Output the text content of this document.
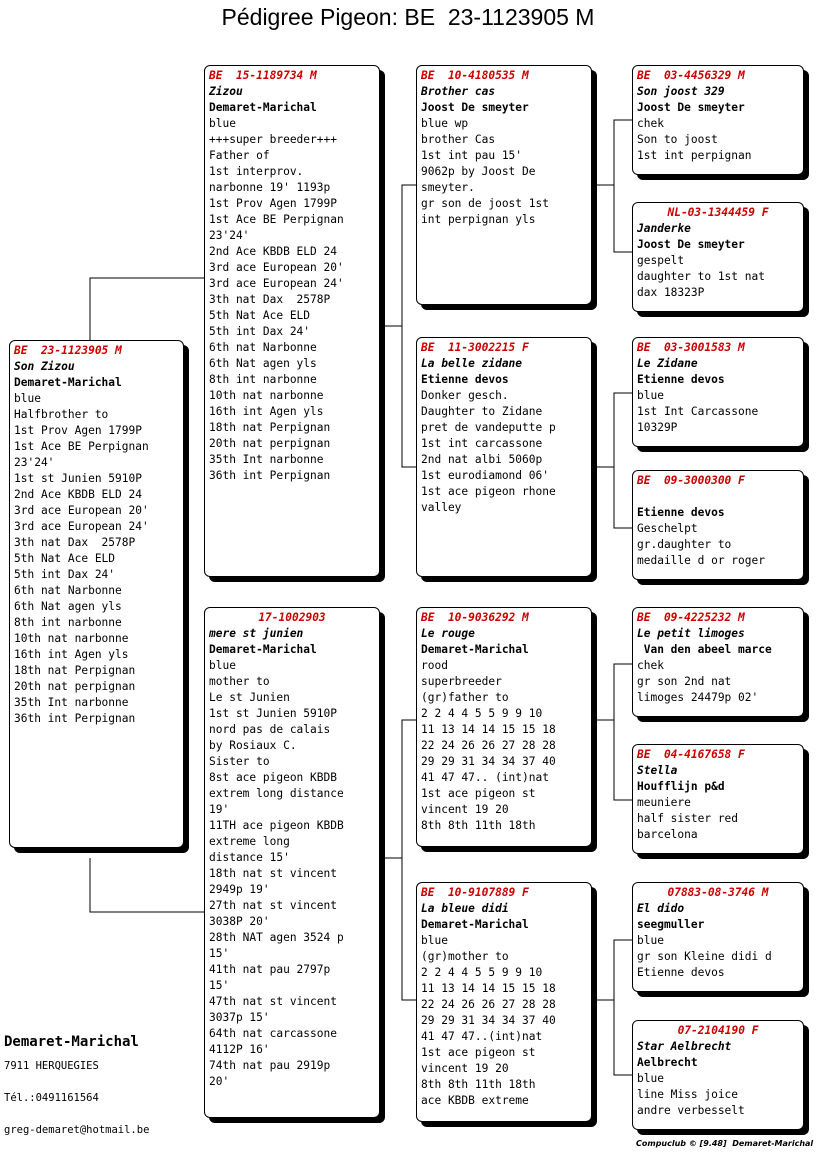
Pédigree Pigeon: BE  23-1123905 M
BE  23-1123905 M
Son Zizou
Demaret-Marichal
blue
Halfbrother to
1st Prov Agen 1799P
1st Ace BE Perpignan
23'24'
1st st Junien 5910P
2nd Ace KBDB ELD 24
3rd ace European 20'
3rd ace European 24'
3th nat Dax  2578P
5th Nat Ace ELD
5th int Dax 24'
6th nat Narbonne
6th Nat agen yls
8th int narbonne
10th nat narbonne
16th int Agen yls
18th nat Perpignan
20th nat perpignan
35th Int narbonne
36th int Perpignan
BE  15-1189734 M
Zizou
Demaret-Marichal
blue
+++super breeder+++
Father of
1st interprov.
narbonne 19' 1193p
1st Prov Agen 1799P
1st Ace BE Perpignan
23'24'
2nd Ace KBDB ELD 24
3rd ace European 20'
3rd ace European 24'
3th nat Dax  2578P
5th Nat Ace ELD
5th int Dax 24'
6th nat Narbonne
6th Nat agen yls
8th int narbonne
10th nat narbonne
16th int Agen yls
18th nat Perpignan
20th nat perpignan
35th Int narbonne
36th int Perpignan
17-1002903
mere st junien
Demaret-Marichal
blue
mother to
Le st Junien
1st st Junien 5910P
nord pas de calais
by Rosiaux C.
Sister to
8st ace pigeon KBDB
extrem long distance
19'
11TH ace pigeon KBDB
extreme long
distance 15'
18th nat st vincent
2949p 19'
27th nat st vincent
3038P 20'
28th NAT agen 3524 p
15'
41th nat pau 2797p
15'
47th nat st vincent
3037p 15'
64th nat carcassone
4112P 16'
74th nat pau 2919p
20'
BE  10-4180535 M
Brother cas
Joost De smeyter
blue wp
brother Cas
1st int pau 15'
9062p by Joost De
smeyter.
gr son de joost 1st
int perpignan yls
BE  11-3002215 F
La belle zidane
Etienne devos
Donker gesch.
Daughter to Zidane
pret de vandeputte p
1st int carcassone
2nd nat albi 5060p
1st eurodiamond 06'
1st ace pigeon rhone
valley
BE  10-9036292 M
Le rouge
Demaret-Marichal
rood
superbreeder
(gr)father to
2 2 4 4 5 5 9 9 10
11 13 14 14 15 15 18
22 24 26 26 27 28 28
29 29 31 34 34 37 40
41 47 47.. (int)nat
1st ace pigeon st
vincent 19 20
8th 8th 11th 18th
BE  10-9107889 F
La bleue didi
Demaret-Marichal
blue
(gr)mother to
2 2 4 4 5 5 9 9 10
11 13 14 14 15 15 18
22 24 26 26 27 28 28
29 29 31 34 34 37 40
41 47 47..(int)nat
1st ace pigeon st
vincent 19 20
8th 8th 11th 18th
ace KBDB extreme
BE  03-4456329 M
Son joost 329
Joost De smeyter
chek
Son to joost
1st int perpignan
NL-03-1344459 F
Janderke
Joost De smeyter
gespelt
daughter to 1st nat
dax 18323P
BE  03-3001583 M
Le Zidane
Etienne devos
blue
1st Int Carcassone
10329P
BE  09-3000300 F
Etienne devos
Geschelpt
gr.daughter to
medaille d or roger
BE  09-4225232 M
Le petit limoges
Van den abeel marce
chek
gr son 2nd nat
limoges 24479p 02'
BE  04-4167658 F
Stella
Houfflijn p&d
meuniere
half sister red
barcelona
07883-08-3746 M
El dido
seegmuller
blue
gr son Kleine didi d
Etienne devos
07-2104190 F
Star Aelbrecht
Aelbrecht
blue
line Miss joice
andre verbesselt
Demaret-Marichal
7911 HERQUEGIES
Tél.:0491161564
greg-demaret@hotmail.be
Compuclub © [9.48]  Demaret-Marichal
